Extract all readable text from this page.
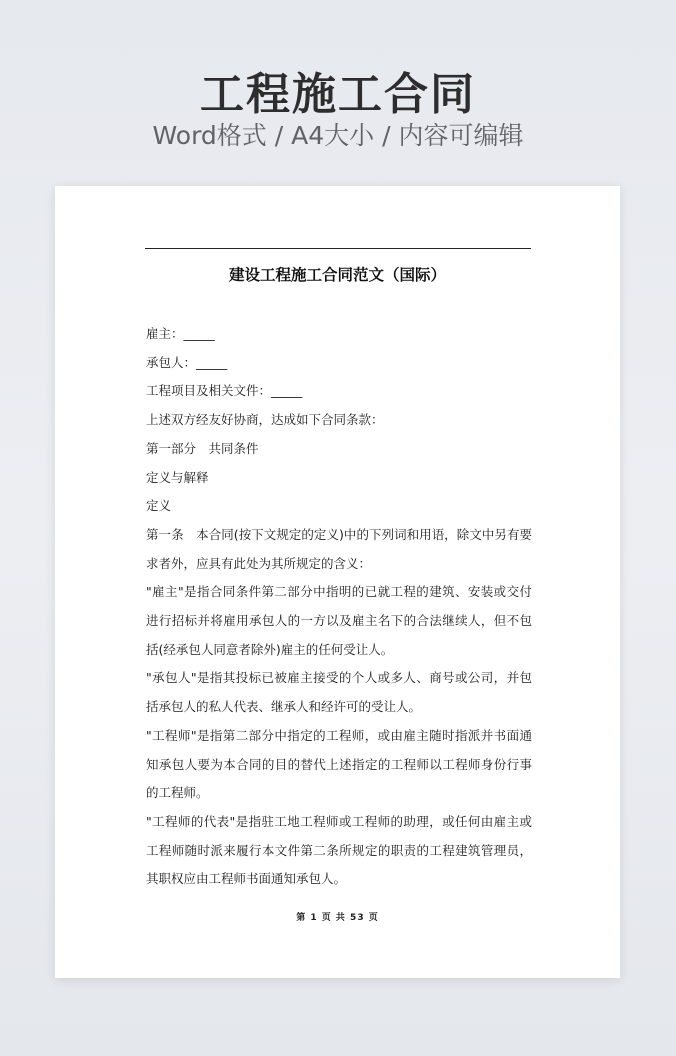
工程施工合同
Word格式 / A4大小 / 内容可编辑
建设工程施工合同范文（国际）

雇主：_____

承包人：_____

工程项目及相关文件：_____

上述双方经友好协商，达成如下合同条款：

第一部分　共同条件

定义与解释

定义

第一条　本合同(按下文规定的定义)中的下列词和用语，除文中另有要求者外，应具有此处为其所规定的含义：

"雇主"是指合同条件第二部分中指明的已就工程的建筑、安装或交付进行招标并将雇用承包人的一方以及雇主名下的合法继续人，但不包括(经承包人同意者除外)雇主的任何受让人。

"承包人"是指其投标已被雇主接受的个人或多人、商号或公司，并包括承包人的私人代表、继承人和经许可的受让人。

"工程师"是指第二部分中指定的工程师，或由雇主随时指派并书面通知承包人要为本合同的目的替代上述指定的工程师以工程师身份行事的工程师。

"工程师的代表"是指驻工地工程师或工程师的助理，或任何由雇主或工程师随时派来履行本文件第二条所规定的职责的工程建筑管理员，其职权应由工程师书面通知承包人。

第 1 页 共 53 页
